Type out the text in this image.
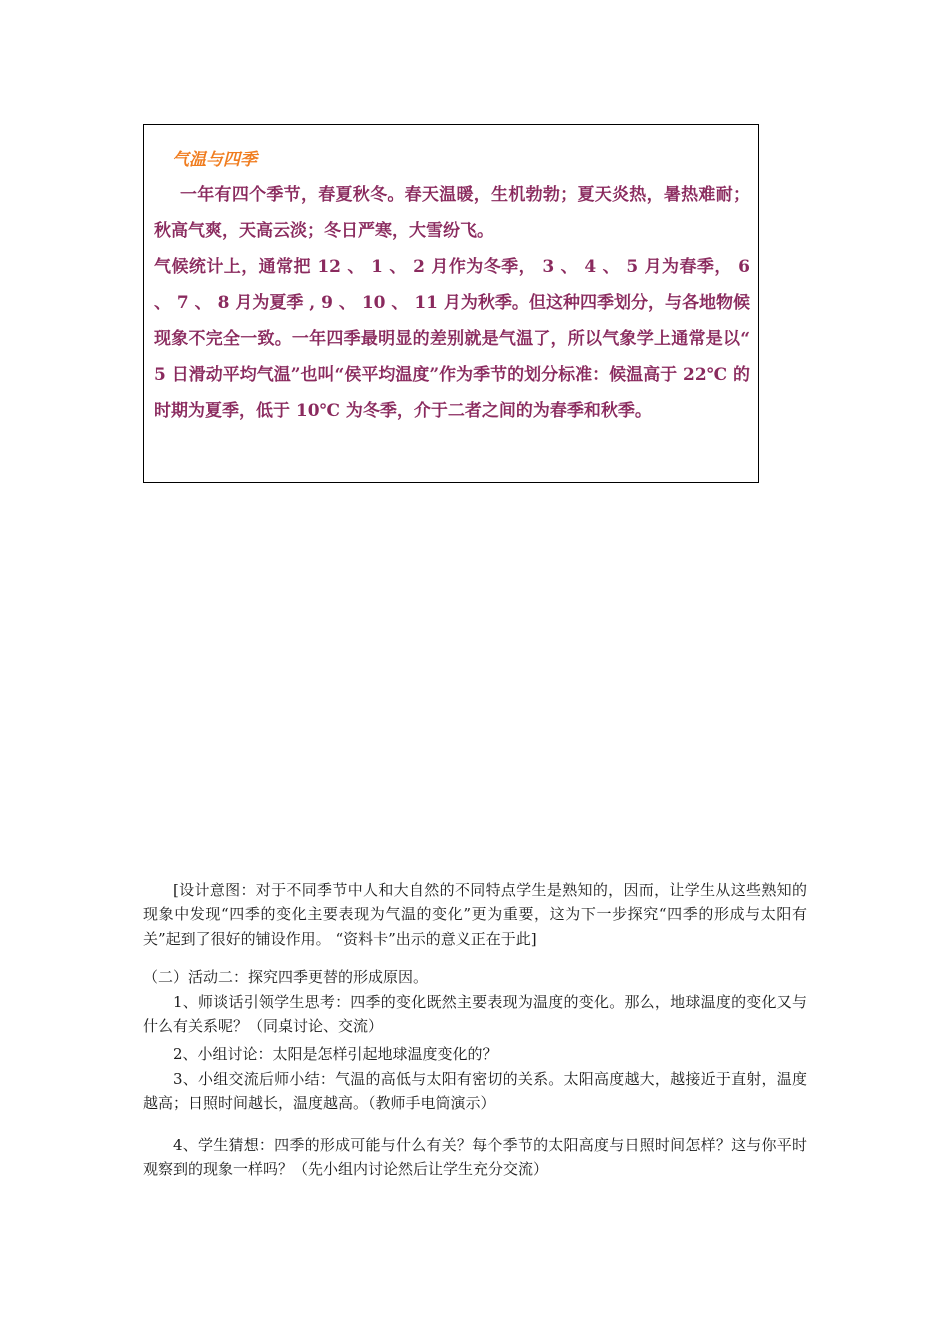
气温与四季

一年有四个季节，春夏秋冬。春天温暖，生机勃勃；夏天炎热，暑热难耐；秋高气爽，天高云淡；冬日严寒，大雪纷飞。

气候统计上，通常把 12 、 1 、 2 月作为冬季， 3 、 4 、 5 月为春季， 6 、 7 、 8 月为夏季 , 9 、 10 、 11 月为秋季。但这种四季划分，与各地物候现象不完全一致。一年四季最明显的差别就是气温了，所以气象学上通常是以“ 5 日滑动平均气温”也叫“侯平均温度”作为季节的划分标准：候温高于 22℃ 的时期为夏季，低于 10℃ 为冬季，介于二者之间的为春季和秋季。

[设计意图：对于不同季节中人和大自然的不同特点学生是熟知的，因而，让学生从这些熟知的现象中发现“四季的变化主要表现为气温的变化”更为重要，这为下一步探究“四季的形成与太阳有关”起到了很好的铺设作用。 “资料卡”出示的意义正在于此]

（二）活动二：探究四季更替的形成原因。

1、师谈话引领学生思考：四季的变化既然主要表现为温度的变化。那么，地球温度的变化又与什么有关系呢？（同桌讨论、交流）

2、小组讨论：太阳是怎样引起地球温度变化的？

3、小组交流后师小结：气温的高低与太阳有密切的关系。太阳高度越大，越接近于直射，温度越高；日照时间越长，温度越高。（教师手电筒演示）

4、学生猜想：四季的形成可能与什么有关？每个季节的太阳高度与日照时间怎样？这与你平时观察到的现象一样吗？（先小组内讨论然后让学生充分交流）
